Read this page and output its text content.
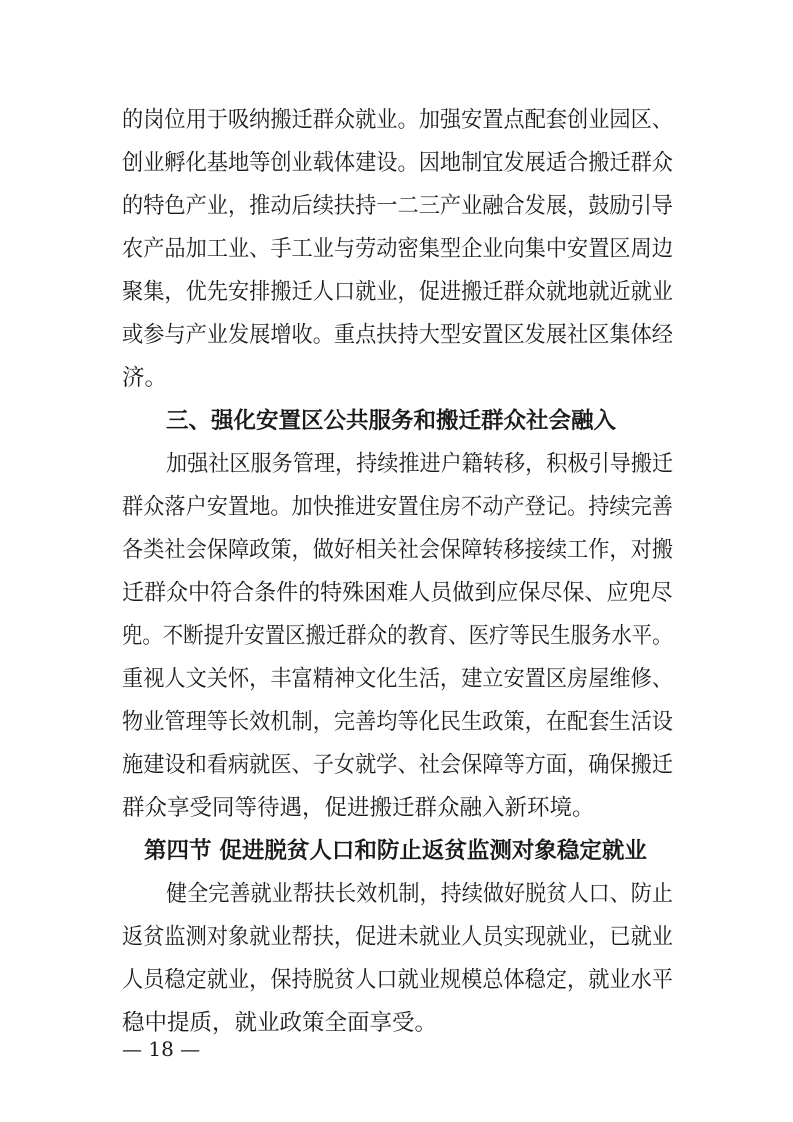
的岗位用于吸纳搬迁群众就业。加强安置点配套创业园区、
创业孵化基地等创业载体建设。因地制宜发展适合搬迁群众
的特色产业，推动后续扶持一二三产业融合发展，鼓励引导
农产品加工业、手工业与劳动密集型企业向集中安置区周边
聚集，优先安排搬迁人口就业，促进搬迁群众就地就近就业
或参与产业发展增收。重点扶持大型安置区发展社区集体经
济。
三、强化安置区公共服务和搬迁群众社会融入
加强社区服务管理，持续推进户籍转移，积极引导搬迁
群众落户安置地。加快推进安置住房不动产登记。持续完善
各类社会保障政策，做好相关社会保障转移接续工作，对搬
迁群众中符合条件的特殊困难人员做到应保尽保、应兜尽
兜。不断提升安置区搬迁群众的教育、医疗等民生服务水平。
重视人文关怀，丰富精神文化生活，建立安置区房屋维修、
物业管理等长效机制，完善均等化民生政策，在配套生活设
施建设和看病就医、子女就学、社会保障等方面，确保搬迁
群众享受同等待遇，促进搬迁群众融入新环境。
第四节 促进脱贫人口和防止返贫监测对象稳定就业
健全完善就业帮扶长效机制，持续做好脱贫人口、防止
返贫监测对象就业帮扶，促进未就业人员实现就业，已就业
人员稳定就业，保持脱贫人口就业规模总体稳定，就业水平
稳中提质，就业政策全面享受。
— 18 —
